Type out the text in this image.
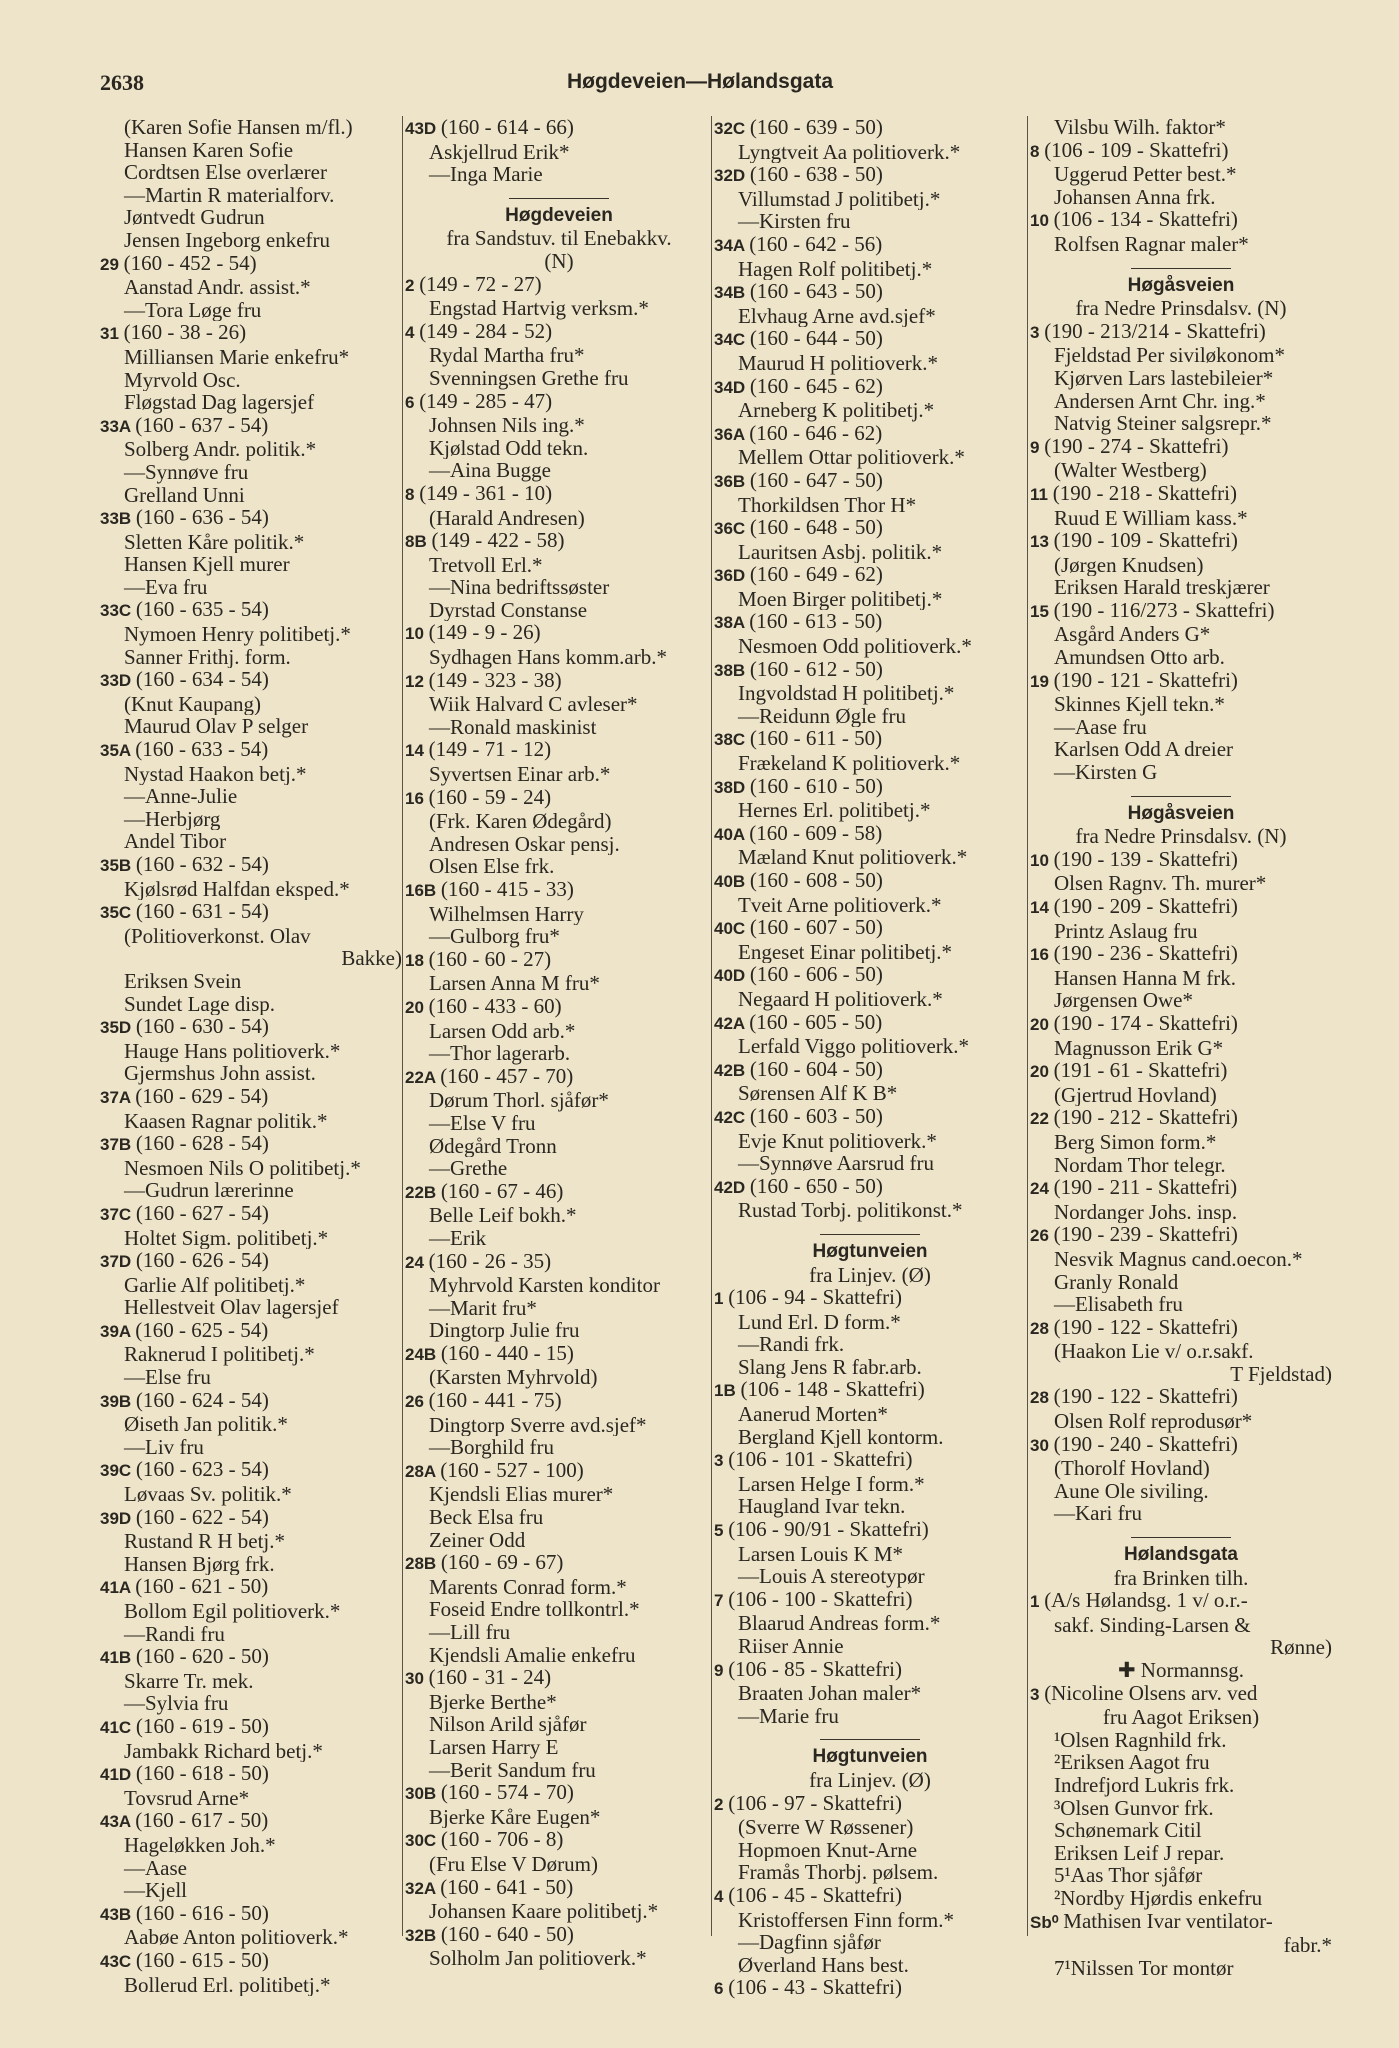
2638	Høgdeveien—Hølandsgata
(Karen Sofie Hansen m/fl.)
Hansen Karen Sofie
Cordtsen Else overlærer
—Martin R materialforv.
Jøntvedt Gudrun
Jensen Ingeborg enkefru
29 (160 - 452 - 54)
Aanstad Andr. assist.*
—Tora Løge fru
31 (160 - 38 - 26)
Milliansen Marie enkefru*
Myrvold Osc.
Fløgstad Dag lagersjef
33A (160 - 637 - 54)
Solberg Andr. politik.*
—Synnøve fru
Grelland Unni
33B (160 - 636 - 54)
Sletten Kåre politik.*
Hansen Kjell murer
—Eva fru
33C (160 - 635 - 54)
Nymoen Henry politibetj.*
Sanner Frithj. form.
33D (160 - 634 - 54)
(Knut Kaupang)
Maurud Olav P selger
35A (160 - 633 - 54)
Nystad Haakon betj.*
—Anne-Julie
—Herbjørg
Andel Tibor
35B (160 - 632 - 54)
Kjølsrød Halfdan eksped.*
35C (160 - 631 - 54)
(Politioverkonst. Olav
Bakke)
Eriksen Svein
Sundet Lage disp.
35D (160 - 630 - 54)
Hauge Hans politioverk.*
Gjermshus John assist.
37A (160 - 629 - 54)
Kaasen Ragnar politik.*
37B (160 - 628 - 54)
Nesmoen Nils O politibetj.*
—Gudrun lærerinne
37C (160 - 627 - 54)
Holtet Sigm. politibetj.*
37D (160 - 626 - 54)
Garlie Alf politibetj.*
Hellestveit Olav lagersjef
39A (160 - 625 - 54)
Raknerud I politibetj.*
—Else fru
39B (160 - 624 - 54)
Øiseth Jan politik.*
—Liv fru
39C (160 - 623 - 54)
Løvaas Sv. politik.*
39D (160 - 622 - 54)
Rustand R H betj.*
Hansen Bjørg frk.
41A (160 - 621 - 50)
Bollom Egil politioverk.*
—Randi fru
41B (160 - 620 - 50)
Skarre Tr. mek.
—Sylvia fru
41C (160 - 619 - 50)
Jambakk Richard betj.*
41D (160 - 618 - 50)
Tovsrud Arne*
43A (160 - 617 - 50)
Hageløkken Joh.*
—Aase
—Kjell
43B (160 - 616 - 50)
Aabøe Anton politioverk.*
43C (160 - 615 - 50)
Bollerud Erl. politibetj.*
43D (160 - 614 - 66)
Askjellrud Erik*
—Inga Marie
Høgdeveien
fra Sandstuv. til Enebakkv.
(N)
2 (149 - 72 - 27)
Engstad Hartvig verksm.*
4 (149 - 284 - 52)
Rydal Martha fru*
Svenningsen Grethe fru
6 (149 - 285 - 47)
Johnsen Nils ing.*
Kjølstad Odd tekn.
—Aina Bugge
8 (149 - 361 - 10)
(Harald Andresen)
8B (149 - 422 - 58)
Tretvoll Erl.*
—Nina bedriftssøster
Dyrstad Constanse
10 (149 - 9 - 26)
Sydhagen Hans komm.arb.*
12 (149 - 323 - 38)
Wiik Halvard C avleser*
—Ronald maskinist
14 (149 - 71 - 12)
Syvertsen Einar arb.*
16 (160 - 59 - 24)
(Frk. Karen Ødegård)
Andresen Oskar pensj.
Olsen Else frk.
16B (160 - 415 - 33)
Wilhelmsen Harry
—Gulborg fru*
18 (160 - 60 - 27)
Larsen Anna M fru*
20 (160 - 433 - 60)
Larsen Odd arb.*
—Thor lagerarb.
22A (160 - 457 - 70)
Dørum Thorl. sjåfør*
—Else V fru
Ødegård Tronn
—Grethe
22B (160 - 67 - 46)
Belle Leif bokh.*
—Erik
24 (160 - 26 - 35)
Myhrvold Karsten konditor
—Marit fru*
Dingtorp Julie fru
24B (160 - 440 - 15)
(Karsten Myhrvold)
26 (160 - 441 - 75)
Dingtorp Sverre avd.sjef*
—Borghild fru
28A (160 - 527 - 100)
Kjendsli Elias murer*
Beck Elsa fru
Zeiner Odd
28B (160 - 69 - 67)
Marents Conrad form.*
Foseid Endre tollkontrl.*
—Lill fru
Kjendsli Amalie enkefru
30 (160 - 31 - 24)
Bjerke Berthe*
Nilson Arild sjåfør
Larsen Harry E
—Berit Sandum fru
30B (160 - 574 - 70)
Bjerke Kåre Eugen*
30C (160 - 706 - 8)
(Fru Else V Dørum)
32A (160 - 641 - 50)
Johansen Kaare politibetj.*
32B (160 - 640 - 50)
Solholm Jan politioverk.*
32C (160 - 639 - 50)
Lyngtveit Aa politioverk.*
32D (160 - 638 - 50)
Villumstad J politibetj.*
—Kirsten fru
34A (160 - 642 - 56)
Hagen Rolf politibetj.*
34B (160 - 643 - 50)
Elvhaug Arne avd.sjef*
34C (160 - 644 - 50)
Maurud H politioverk.*
34D (160 - 645 - 62)
Arneberg K politibetj.*
36A (160 - 646 - 62)
Mellem Ottar politioverk.*
36B (160 - 647 - 50)
Thorkildsen Thor H*
36C (160 - 648 - 50)
Lauritsen Asbj. politik.*
36D (160 - 649 - 62)
Moen Birger politibetj.*
38A (160 - 613 - 50)
Nesmoen Odd politioverk.*
38B (160 - 612 - 50)
Ingvoldstad H politibetj.*
—Reidunn Øgle fru
38C (160 - 611 - 50)
Frækeland K politioverk.*
38D (160 - 610 - 50)
Hernes Erl. politibetj.*
40A (160 - 609 - 58)
Mæland Knut politioverk.*
40B (160 - 608 - 50)
Tveit Arne politioverk.*
40C (160 - 607 - 50)
Engeset Einar politibetj.*
40D (160 - 606 - 50)
Negaard H politioverk.*
42A (160 - 605 - 50)
Lerfald Viggo politioverk.*
42B (160 - 604 - 50)
Sørensen Alf K B*
42C (160 - 603 - 50)
Evje Knut politioverk.*
—Synnøve Aarsrud fru
42D (160 - 650 - 50)
Rustad Torbj. politikonst.*
Høgtunveien
fra Linjev. (Ø)
1 (106 - 94 - Skattefri)
Lund Erl. D form.*
—Randi frk.
Slang Jens R fabr.arb.
1B (106 - 148 - Skattefri)
Aanerud Morten*
Bergland Kjell kontorm.
3 (106 - 101 - Skattefri)
Larsen Helge I form.*
Haugland Ivar tekn.
5 (106 - 90/91 - Skattefri)
Larsen Louis K M*
—Louis A stereotypør
7 (106 - 100 - Skattefri)
Blaarud Andreas form.*
Riiser Annie
9 (106 - 85 - Skattefri)
Braaten Johan maler*
—Marie fru
Høgtunveien
fra Linjev. (Ø)
2 (106 - 97 - Skattefri)
(Sverre W Røssener)
Hopmoen Knut-Arne
Framås Thorbj. pølsem.
4 (106 - 45 - Skattefri)
Kristoffersen Finn form.*
—Dagfinn sjåfør
Øverland Hans best.
6 (106 - 43 - Skattefri)
Vilsbu Wilh. faktor*
8 (106 - 109 - Skattefri)
Uggerud Petter best.*
Johansen Anna frk.
10 (106 - 134 - Skattefri)
Rolfsen Ragnar maler*
Høgåsveien
fra Nedre Prinsdalsv. (N)
3 (190 - 213/214 - Skattefri)
Fjeldstad Per siviløkonom*
Kjørven Lars lastebileier*
Andersen Arnt Chr. ing.*
Natvig Steiner salgsrepr.*
9 (190 - 274 - Skattefri)
(Walter Westberg)
11 (190 - 218 - Skattefri)
Ruud E William kass.*
13 (190 - 109 - Skattefri)
(Jørgen Knudsen)
Eriksen Harald treskjærer
15 (190 - 116/273 - Skattefri)
Asgård Anders G*
Amundsen Otto arb.
19 (190 - 121 - Skattefri)
Skinnes Kjell tekn.*
—Aase fru
Karlsen Odd A dreier
—Kirsten G
Høgåsveien
fra Nedre Prinsdalsv. (N)
10 (190 - 139 - Skattefri)
Olsen Ragnv. Th. murer*
14 (190 - 209 - Skattefri)
Printz Aslaug fru
16 (190 - 236 - Skattefri)
Hansen Hanna M frk.
Jørgensen Owe*
20 (190 - 174 - Skattefri)
Magnusson Erik G*
20 (191 - 61 - Skattefri)
(Gjertrud Hovland)
22 (190 - 212 - Skattefri)
Berg Simon form.*
Nordam Thor telegr.
24 (190 - 211 - Skattefri)
Nordanger Johs. insp.
26 (190 - 239 - Skattefri)
Nesvik Magnus cand.oecon.*
Granly Ronald
—Elisabeth fru
28 (190 - 122 - Skattefri)
(Haakon Lie v/ o.r.sakf.
T Fjeldstad)
28 (190 - 122 - Skattefri)
Olsen Rolf reprodusør*
30 (190 - 240 - Skattefri)
(Thorolf Hovland)
Aune Ole siviling.
—Kari fru
Hølandsgata
fra Brinken tilh.
1 (A/s Hølandsg. 1 v/ o.r.-
sakf. Sinding-Larsen &
Rønne)
✚ Normannsg.
3 (Nicoline Olsens arv. ved
fru Aagot Eriksen)
¹Olsen Ragnhild frk.
²Eriksen Aagot fru
Indrefjord Lukris frk.
³Olsen Gunvor frk.
Schønemark Citil
Eriksen Leif J repar.
5¹Aas Thor sjåfør
²Nordby Hjørdis enkefru
Sb⁰ Mathisen Ivar ventilator-
fabr.*
7¹Nilssen Tor montør
